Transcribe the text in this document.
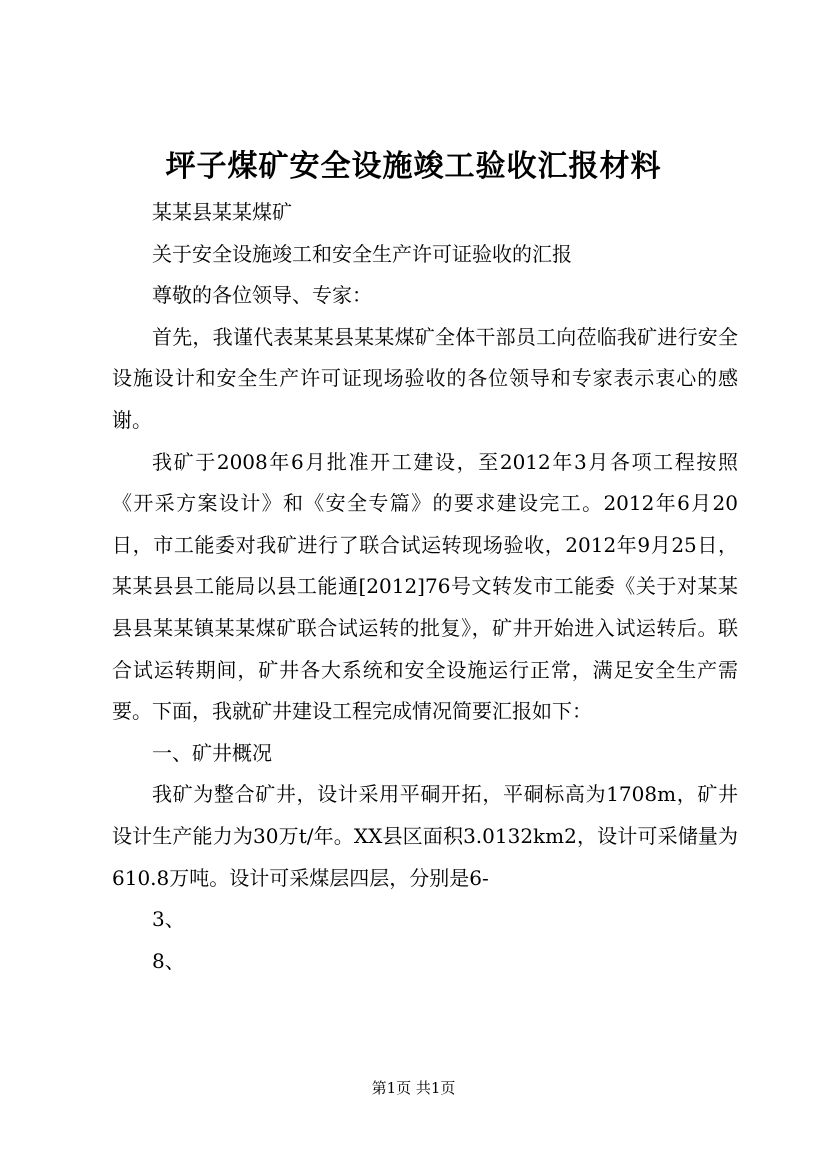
坪子煤矿安全设施竣工验收汇报材料

某某县某某煤矿

关于安全设施竣工和安全生产许可证验收的汇报

尊敬的各位领导、专家：

首先，我谨代表某某县某某煤矿全体干部员工向莅临我矿进行安全设施设计和安全生产许可证现场验收的各位领导和专家表示衷心的感谢。

我矿于2008年6月批准开工建设，至2012年3月各项工程按照《开采方案设计》和《安全专篇》的要求建设完工。2012年6月20日，市工能委对我矿进行了联合试运转现场验收，2012年9月25日，某某县县工能局以县工能通[2012]76号文转发市工能委《关于对某某县县某某镇某某煤矿联合试运转的批复》，矿井开始进入试运转后。联合试运转期间，矿井各大系统和安全设施运行正常，满足安全生产需要。下面，我就矿井建设工程完成情况简要汇报如下：

一、矿井概况

我矿为整合矿井，设计采用平硐开拓，平硐标高为1708m，矿井设计生产能力为30万t/年。XX县区面积3.0132km2，设计可采储量为610.8万吨。设计可采煤层四层，分别是6-

3、

8、

第1页 共1页
